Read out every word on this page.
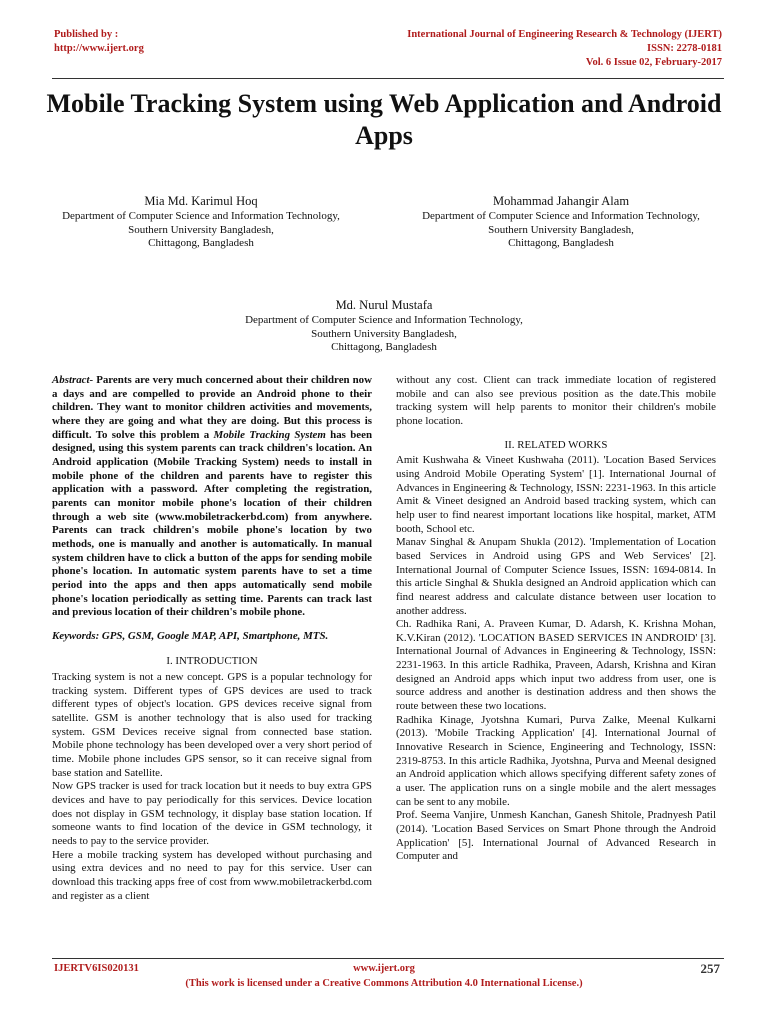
Published by :
http://www.ijert.org
International Journal of Engineering Research & Technology (IJERT)
ISSN: 2278-0181
Vol. 6 Issue 02, February-2017
Mobile Tracking System using Web Application and Android Apps
Mia Md. Karimul Hoq
Department of Computer Science and Information Technology,
Southern University Bangladesh,
Chittagong, Bangladesh
Mohammad Jahangir Alam
Department of Computer Science and Information Technology,
Southern University Bangladesh,
Chittagong, Bangladesh
Md. Nurul Mustafa
Department of Computer Science and Information Technology,
Southern University Bangladesh,
Chittagong, Bangladesh

Abstract- Parents are very much concerned about their children now a days and are compelled to provide an Android phone to their children. They want to monitor children activities and movements, where they are going and what they are doing. But this process is difficult. To solve this problem a Mobile Tracking System has been designed, using this system parents can track children's location. An Android application (Mobile Tracking System) needs to install in mobile phone of the children and parents have to register this application with a password. After completing the registration, parents can monitor mobile phone's location of their children through a web site (www.mobiletrackerbd.com) from anywhere. Parents can track children's mobile phone's location by two methods, one is manually and another is automatically. In manual system children have to click a button of the apps for sending mobile phone's location. In automatic system parents have to set a time period into the apps and then apps automatically send mobile phone's location periodically as setting time. Parents can track last and previous location of their children's mobile phone.

Keywords: GPS, GSM, Google MAP, API, Smartphone, MTS.

I. INTRODUCTION

Tracking system is not a new concept. GPS is a popular technology for tracking system. Different types of GPS devices are used to track different types of object's location. GPS devices receive signal from satellite. GSM is another technology that is also used for tracking system. GSM Devices receive signal from connected base station. Mobile phone technology has been developed over a very short period of time. Mobile phone includes GPS sensor, so it can receive signal from base station and Satellite.

Now GPS tracker is used for track location but it needs to buy extra GPS devices and have to pay periodically for this services. Device location does not display in GSM technology, it display base station location. If someone wants to find location of the device in GSM technology, it needs to pay to the service provider.

Here a mobile tracking system has developed without purchasing and using extra devices and no need to pay for this service. User can download this tracking apps free of cost from www.mobiletrackerbd.com and register as a client

without any cost. Client can track immediate location of registered mobile and can also see previous position as the date.This mobile tracking system will help parents to monitor their children's mobile phone location.

II. RELATED WORKS

Amit Kushwaha & Vineet Kushwaha (2011). 'Location Based Services using Android Mobile Operating System' [1]. International Journal of Advances in Engineering & Technology, ISSN: 2231-1963. In this article Amit & Vineet designed an Android based tracking system, which can help user to find nearest important locations like hospital, market, ATM booth, School etc.

Manav Singhal & Anupam Shukla (2012). 'Implementation of Location based Services in Android using GPS and Web Services' [2]. International Journal of Computer Science Issues, ISSN: 1694-0814. In this article Singhal & Shukla designed an Android application which can find nearest address and calculate distance between user location to another address.

Ch. Radhika Rani, A. Praveen Kumar, D. Adarsh, K. Krishna Mohan, K.V.Kiran (2012). 'LOCATION BASED SERVICES IN ANDROID' [3]. International Journal of Advances in Engineering & Technology, ISSN: 2231-1963. In this article Radhika, Praveen, Adarsh, Krishna and Kiran designed an Android apps which input two address from user, one is source address and another is destination address and then shows the route between these two locations.

Radhika Kinage, Jyotshna Kumari, Purva Zalke, Meenal Kulkarni (2013). 'Mobile Tracking Application' [4]. International Journal of Innovative Research in Science, Engineering and Technology, ISSN: 2319-8753. In this article Radhika, Jyotshna, Purva and Meenal designed an Android application which allows specifying different safety zones of a user. The application runs on a single mobile and the alert messages can be sent to any mobile.

Prof. Seema Vanjire, Unmesh Kanchan, Ganesh Shitole, Pradnyesh Patil (2014). 'Location Based Services on Smart Phone through the Android Application' [5]. International Journal of Advanced Research in Computer and

IJERTV6IS020131	www.ijert.org	257
(This work is licensed under a Creative Commons Attribution 4.0 International License.)
